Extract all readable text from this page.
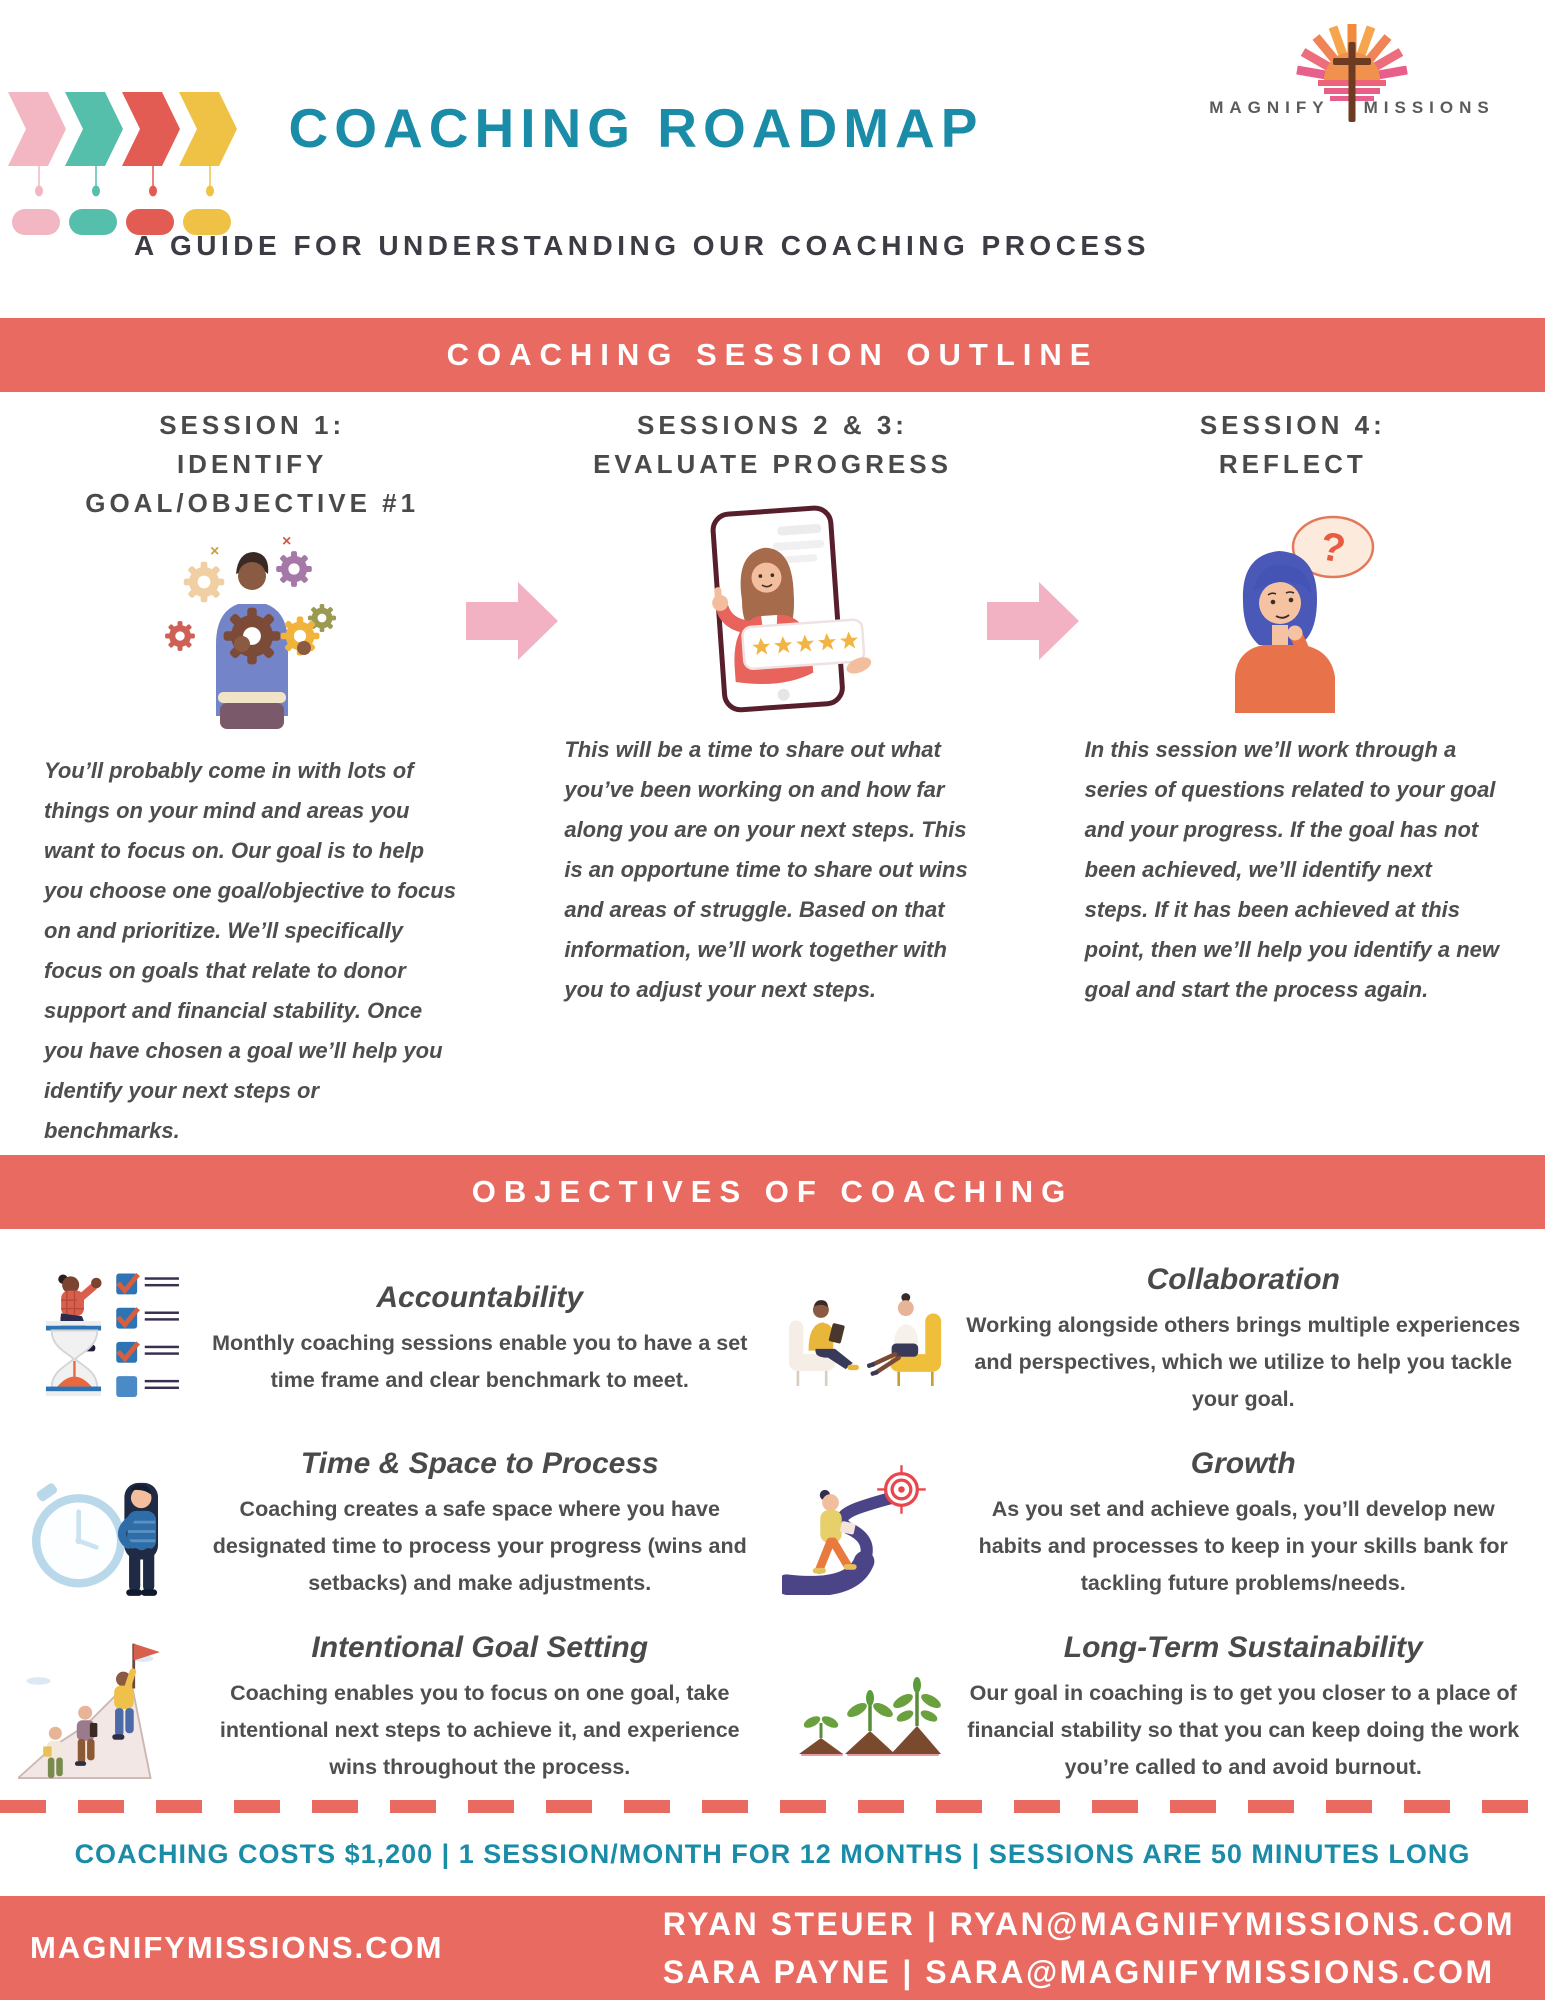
COACHING ROADMAP	MAGNIFY MISSIONS
A GUIDE FOR UNDERSTANDING OUR COACHING PROCESS
COACHING SESSION OUTLINE
SESSION 1:
IDENTIFY GOAL/OBJECTIVE #1
×
×

You’ll probably come in with lots of things on your mind and areas you want to focus on. Our goal is to help you choose one goal/objective to focus on and prioritize. We’ll specifically focus on goals that relate to donor support and financial stability. Once you have chosen a goal we’ll help you identify your next steps or benchmarks.

SESSIONS 2 & 3:
EVALUATE PROGRESS

This will be a time to share out what you’ve been working on and how far along you are on your next steps. This is an opportune time to share out wins and areas of struggle. Based on that information, we’ll work together with you to adjust your next steps.

SESSION 4:
REFLECT
?

In this session we’ll work through a series of questions related to your goal and your progress. If the goal has not been achieved, we’ll identify next steps. If it has been achieved at this point, then we’ll help you identify a new goal and start the process again.

OBJECTIVES OF COACHING
Accountability
Monthly coaching sessions enable you to have a set time frame and clear benchmark to meet.
Collaboration
Working alongside others brings multiple experiences and perspectives, which we utilize to help you tackle your goal.
Time & Space to Process
Coaching creates a safe space where you have designated time to process your progress (wins and setbacks) and make adjustments.
Growth
As you set and achieve goals, you’ll develop new habits and processes to keep in your skills bank for tackling future problems/needs.
Intentional Goal Setting
Coaching enables you to focus on one goal, take intentional next steps to achieve it, and experience wins throughout the process.
Long-Term Sustainability
Our goal in coaching is to get you closer to a place of financial stability so that you can keep doing the work you’re called to and avoid burnout.
COACHING COSTS $1,200 | 1 SESSION/MONTH FOR 12 MONTHS | SESSIONS ARE 50 MINUTES LONG
MAGNIFYMISSIONS.COM
RYAN STEUER | RYAN@MAGNIFYMISSIONS.COM
SARA PAYNE | SARA@MAGNIFYMISSIONS.COM
